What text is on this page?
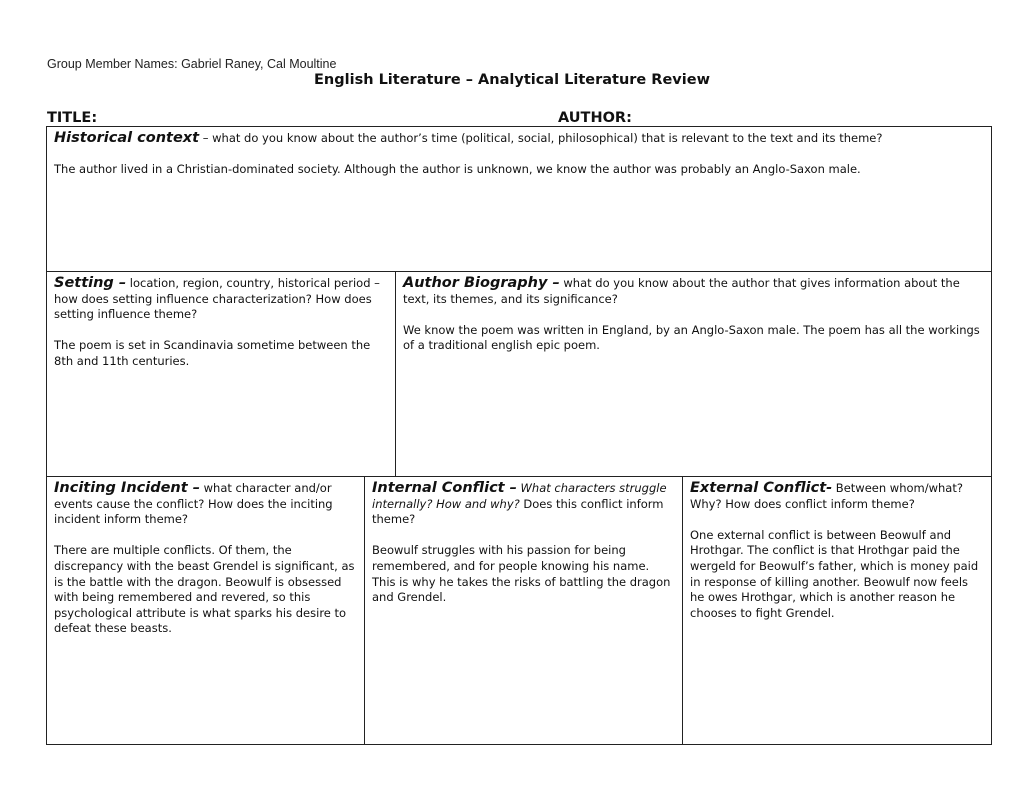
Group Member Names: Gabriel Raney, Cal Moultine
English Literature – Analytical Literature Review
TITLE:	AUTHOR:
Historical context – what do you know about the author’s time (political, social, philosophical) that is relevant to the text and its theme?
The author lived in a Christian-dominated society. Although the author is unknown, we know the author was probably an Anglo-Saxon male.
Setting – location, region, country, historical period – how does setting influence characterization? How does setting influence theme?
The poem is set in Scandinavia sometime between the 8th and 11th centuries.
Author Biography – what do you know about the author that gives information about the text, its themes, and its significance?
We know the poem was written in England, by an Anglo-Saxon male. The poem has all the workings of a traditional english epic poem.
Inciting Incident – what character and/or events cause the conflict? How does the inciting incident inform theme?
There are multiple conflicts. Of them, the discrepancy with the beast Grendel is significant, as is the battle with the dragon. Beowulf is obsessed with being remembered and revered, so this psychological attribute is what sparks his desire to defeat these beasts.
Internal Conflict – What characters struggle internally? How and why? Does this conflict inform theme?
Beowulf struggles with his passion for being remembered, and for people knowing his name. This is why he takes the risks of battling the dragon and Grendel.
External Conflict- Between whom/what? Why? How does conflict inform theme?
One external conflict is between Beowulf and Hrothgar. The conflict is that Hrothgar paid the wergeld for Beowulf’s father, which is money paid in response of killing another. Beowulf now feels he owes Hrothgar, which is another reason he chooses to fight Grendel.
